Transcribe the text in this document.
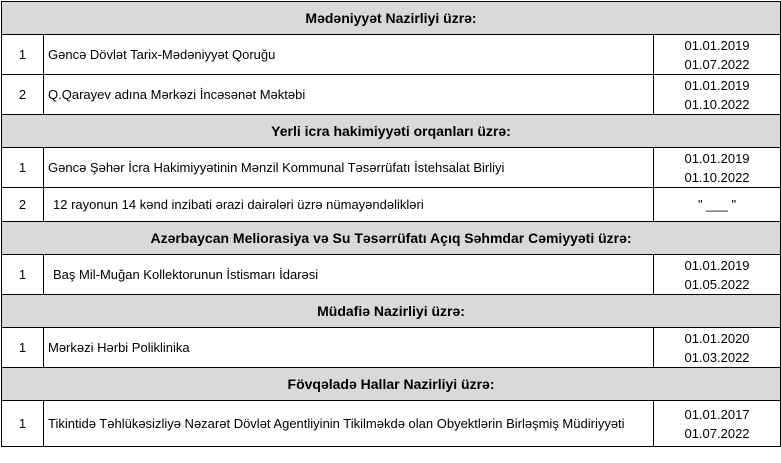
Mədəniyyət Nazirliyi üzrə:		
1	Gəncə Dövlət Tarix-Mədəniyyət Qoruğu	01.01.2019
01.07.2022

2	Q.Qarayev adına Mərkəzi İncəsənət Məktəbi	01.01.2019
01.10.2022

Yerli icra hakimiyyəti orqanları üzrə:		
1	Gəncə Şəhər İcra Hakimiyyətinin Mənzil Kommunal Təsərrüfatı İstehsalat Birliyi	01.01.2019
01.10.2022

2	12 rayonun 14 kənd inzibati ərazi dairələri üzrə nümayəndəlikləri	" ___ "
Azərbaycan Meliorasiya və Su Təsərrüfatı Açıq Səhmdar Cəmiyyəti üzrə:		
1	Baş Mil-Muğan Kollektorunun İstismarı İdarəsi	01.01.2019
01.05.2022

Müdafiə Nazirliyi üzrə:		
1	Mərkəzi Hərbi Poliklinika	01.01.2020
01.03.2022

Fövqəladə Hallar Nazirliyi üzrə:		
1	Tikintidə Təhlükəsizliyə Nəzarət Dövlət Agentliyinin Tikilməkdə olan Obyektlərin Birləşmiş Müdiriyyəti	01.01.2017
01.07.2022
